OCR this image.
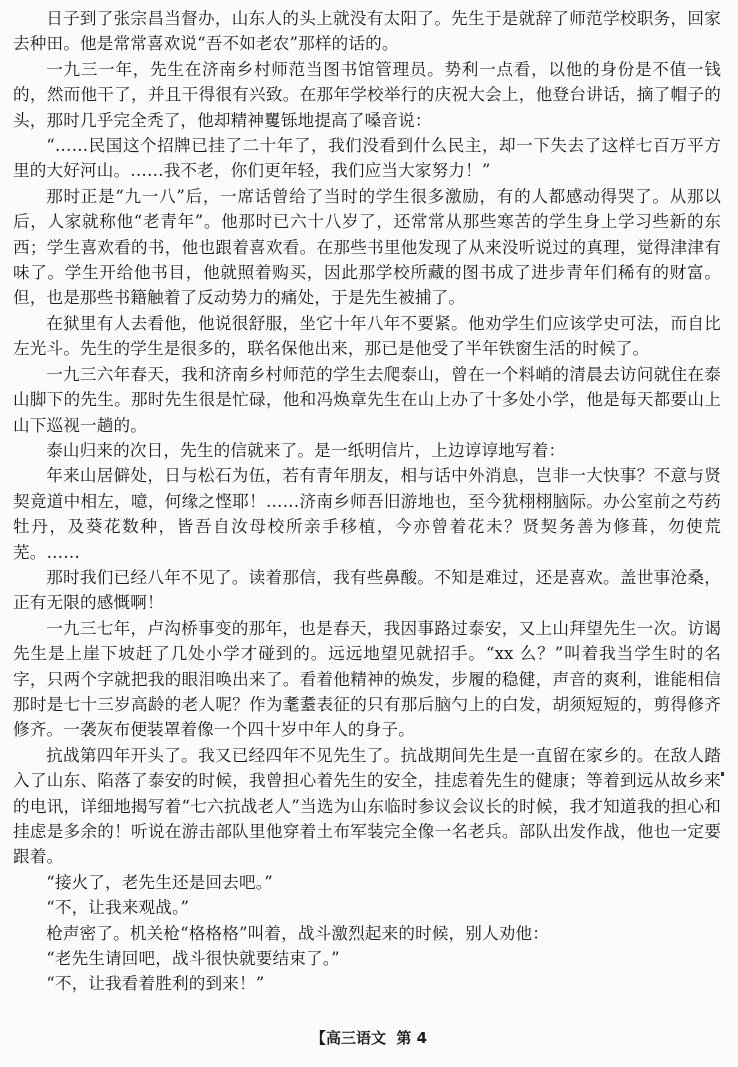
日子到了张宗昌当督办，山东人的头上就没有太阳了。先生于是就辞了师范学校职务，回家去种田。他是常常喜欢说“吾不如老农”那样的话的。

一九三一年，先生在济南乡村师范当图书馆管理员。势利一点看，以他的身份是不值一钱的，然而他干了，并且干得很有兴致。在那年学校举行的庆祝大会上，他登台讲话，摘了帽子的头，那时几乎完全秃了，他却精神矍铄地提高了嗓音说：

“……民国这个招牌已挂了二十年了，我们没看到什么民主，却一下失去了这样七百万平方里的大好河山。……我不老，你们更年轻，我们应当大家努力！”

那时正是“九一八”后，一席话曾给了当时的学生很多激励，有的人都感动得哭了。从那以后，人家就称他“老青年”。他那时已六十八岁了，还常常从那些寒苦的学生身上学习些新的东西；学生喜欢看的书，他也跟着喜欢看。在那些书里他发现了从来没听说过的真理，觉得津津有味了。学生开给他书目，他就照着购买，因此那学校所藏的图书成了进步青年们稀有的财富。但，也是那些书籍触着了反动势力的痛处，于是先生被捕了。

在狱里有人去看他，他说很舒服，坐它十年八年不要紧。他劝学生们应该学史可法，而自比左光斗。先生的学生是很多的，联名保他出来，那已是他受了半年铁窗生活的时候了。

一九三六年春天，我和济南乡村师范的学生去爬泰山，曾在一个料峭的清晨去访问就住在泰山脚下的先生。那时先生很是忙碌，他和冯焕章先生在山上办了十多处小学，他是每天都要山上山下巡视一趟的。

泰山归来的次日，先生的信就来了。是一纸明信片，上边谆谆地写着：

年来山居僻处，日与松石为伍，若有青年朋友，相与话中外消息，岂非一大快事？不意与贤契竟道中相左，噫，何缘之悭耶！……济南乡师吾旧游地也，至今犹栩栩脑际。办公室前之芍药牡丹，及葵花数种，皆吾自汝母校所亲手移植，今亦曾着花未？贤契务善为修葺，勿使荒芜。……

那时我们已经八年不见了。读着那信，我有些鼻酸。不知是难过，还是喜欢。盖世事沧桑，正有无限的感慨啊！

一九三七年，卢沟桥事变的那年，也是春天，我因事路过泰安，又上山拜望先生一次。访谒先生是上崖下坡赶了几处小学才碰到的。远远地望见就招手。“xx 么？”叫着我当学生时的名字，只两个字就把我的眼泪唤出来了。看着他精神的焕发，步履的稳健，声音的爽利，谁能相信那时是七十三岁高龄的老人呢？作为耄耋表征的只有那后脑勺上的白发，胡须短短的，剪得修齐修齐。一袭灰布便装罩着像一个四十岁中年人的身子。

抗战第四年开头了。我又已经四年不见先生了。抗战期间先生是一直留在家乡的。在敌人踏入了山东、陷落了泰安的时候，我曾担心着先生的安全，挂虑着先生的健康；等着到远从故乡来的电讯，详细地揭写着“七六抗战老人”当选为山东临时参议会议长的时候，我才知道我的担心和挂虑是多余的！听说在游击部队里他穿着土布军装完全像一名老兵。部队出发作战，他也一定要跟着。

“接火了，老先生还是回去吧。”

“不，让我来观战。”

枪声密了。机关枪“格格格”叫着，战斗激烈起来的时候，别人劝他：

“老先生请回吧，战斗很快就要结束了。”

“不，让我看着胜利的到来！”

【高三语文 第 4
